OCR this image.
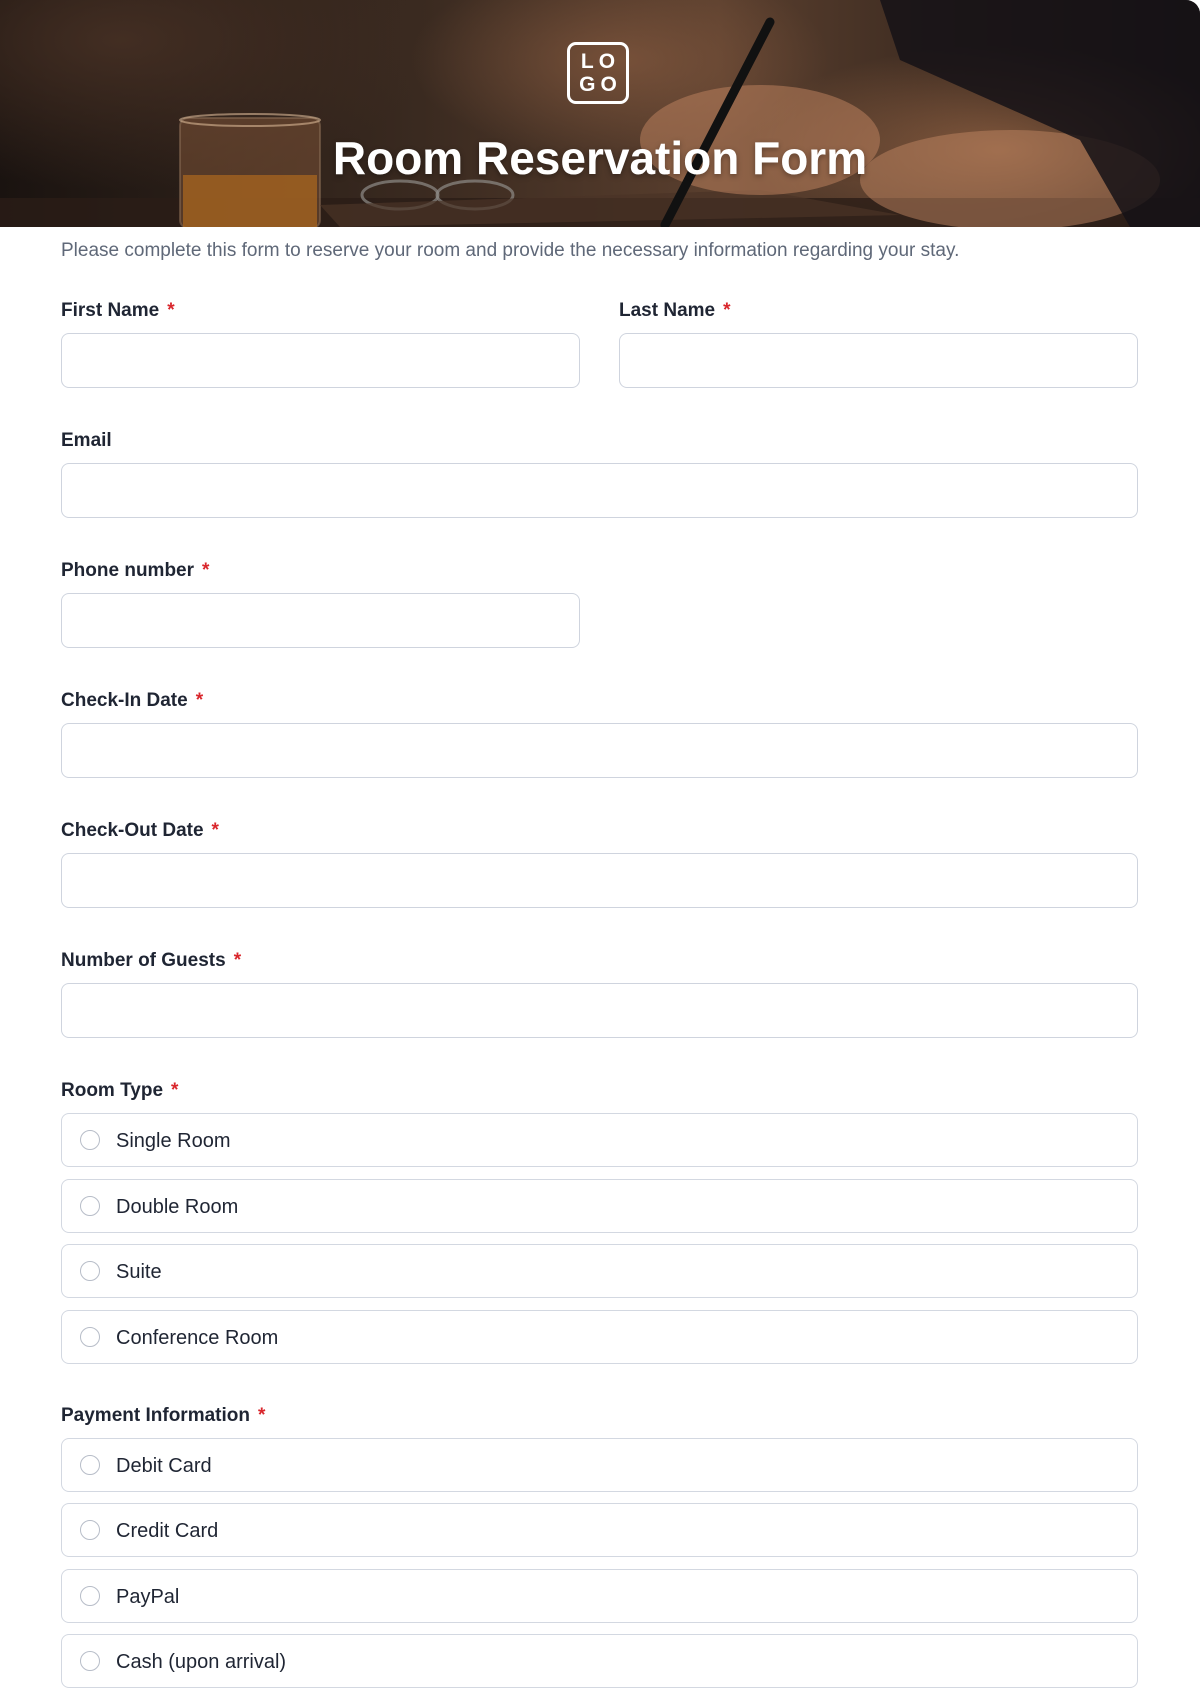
LO
GO
Room Reservation Form
Please complete this form to reserve your room and provide the necessary information regarding your stay.
First Name *	Last Name *
Email
Phone number *
Check-In Date *
Check-Out Date *
Number of Guests *
Room Type *
Single Room
Double Room
Suite
Conference Room
Payment Information *
Debit Card
Credit Card
PayPal
Cash (upon arrival)
